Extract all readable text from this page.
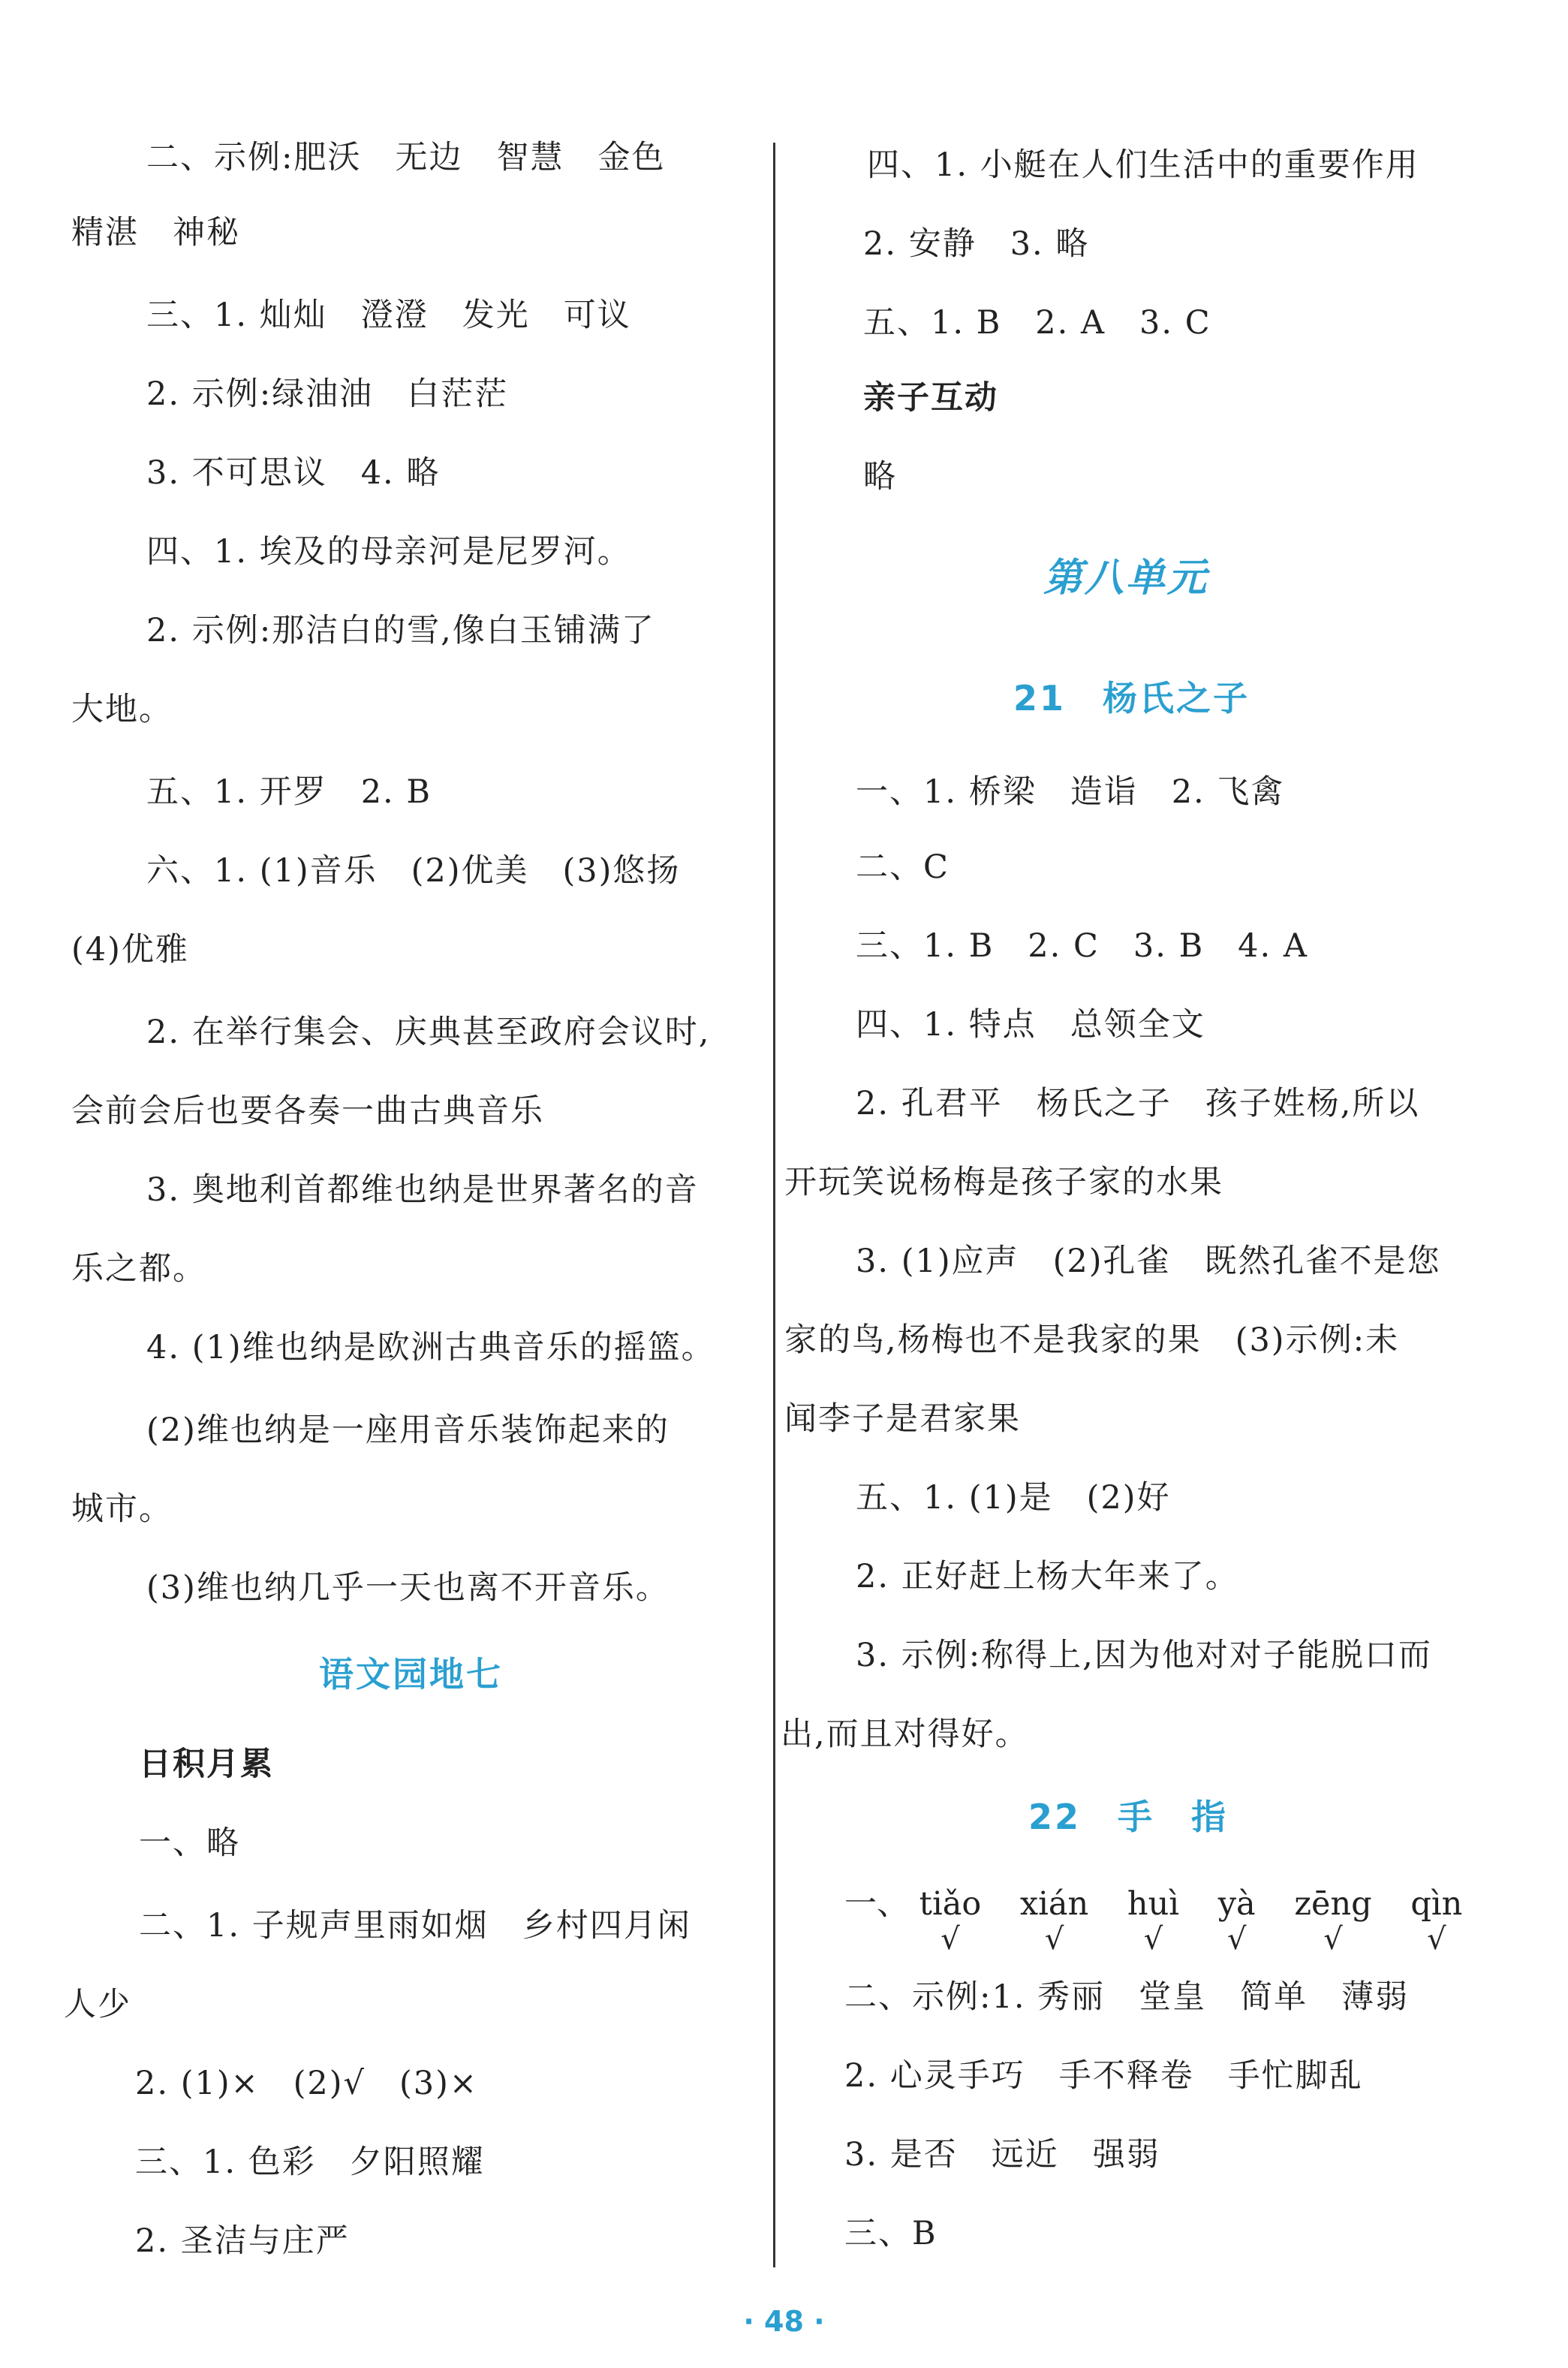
二、示例:肥沃　无边　智慧　金色
精湛　神秘
三、1. 灿灿　澄澄　发光　可议
2. 示例:绿油油　白茫茫
3. 不可思议　4. 略
四、1. 埃及的母亲河是尼罗河。
2. 示例:那洁白的雪,像白玉铺满了
大地。
五、1. 开罗　2. B
六、1. (1)音乐　(2)优美　(3)悠扬
(4)优雅
2. 在举行集会、庆典甚至政府会议时,
会前会后也要各奏一曲古典音乐
3. 奥地利首都维也纳是世界著名的音
乐之都。
4. (1)维也纳是欧洲古典音乐的摇篮。
(2)维也纳是一座用音乐装饰起来的
城市。
(3)维也纳几乎一天也离不开音乐。
语文园地七
日积月累
一、略
二、1. 子规声里雨如烟　乡村四月闲
人少
2. (1)×　(2)√　(3)×
三、1. 色彩　夕阳照耀
2. 圣洁与庄严
四、1. 小艇在人们生活中的重要作用
2. 安静　3. 略
五、1. B　2. A　3. C
亲子互动
略
第八单元
21　杨氏之子
一、1. 桥梁　造诣　2. 飞禽
二、C
三、1. B　2. C　3. B　4. A
四、1. 特点　总领全文
2. 孔君平　杨氏之子　孩子姓杨,所以
开玩笑说杨梅是孩子家的水果
3. (1)应声　(2)孔雀　既然孔雀不是您
家的鸟,杨梅也不是我家的果　(3)示例:未
闻李子是君家果
五、1. (1)是　(2)好
2. 正好赶上杨大年来了。
3. 示例:称得上,因为他对对子能脱口而
出,而且对得好。
22　手　指
一、 tiǎo
√
xián
√
huì
√
yà
√
zēng
√
qìn
√
二、示例:1. 秀丽　堂皇　简单　薄弱
2. 心灵手巧　手不释卷　手忙脚乱
3. 是否　远近　强弱
三、B
· 48 ·
